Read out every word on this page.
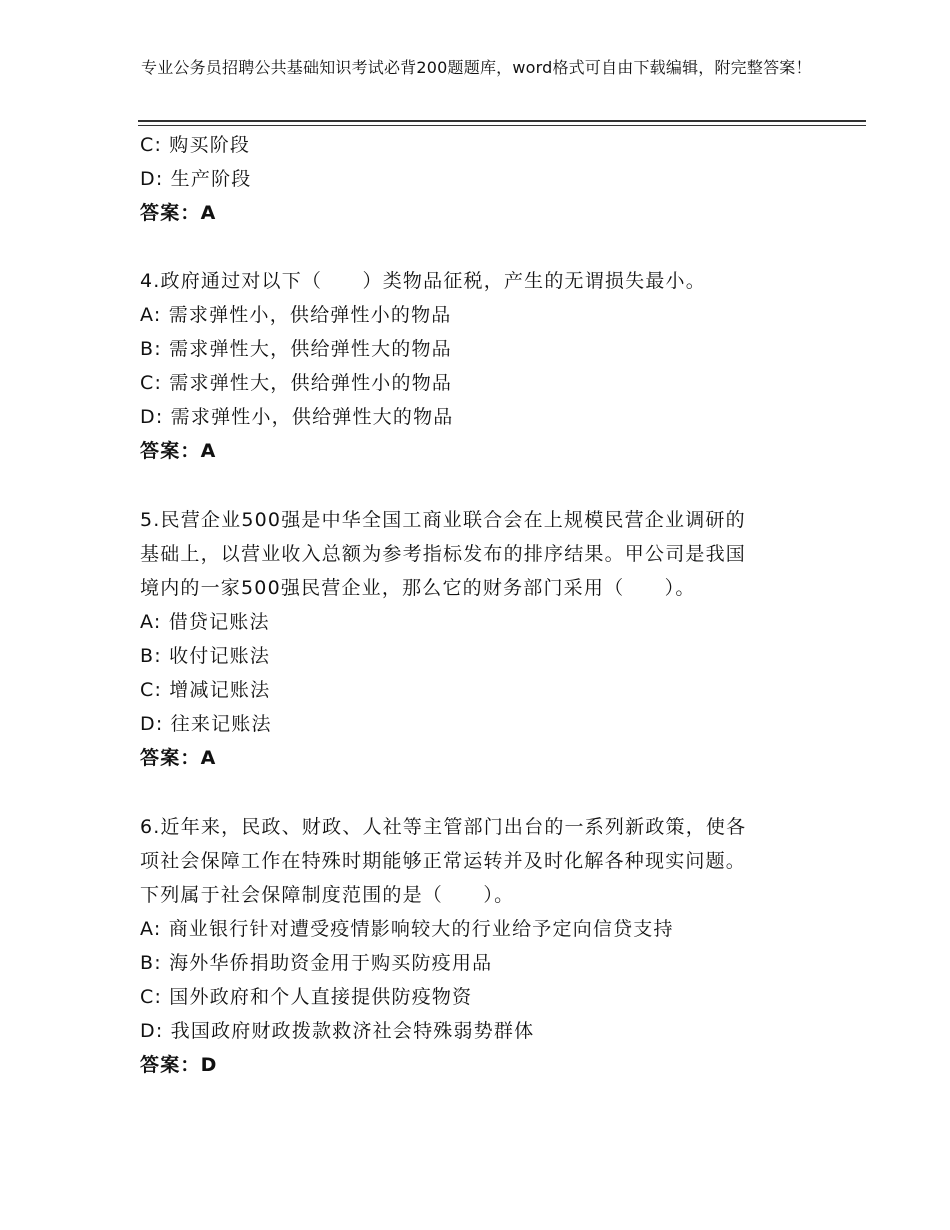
专业公务员招聘公共基础知识考试必背200题题库，word格式可自由下载编辑，附完整答案！
C: 购买阶段
D: 生产阶段
答案：A
4.政府通过对以下（　　）类物品征税，产生的无谓损失最小。
A: 需求弹性小，供给弹性小的物品
B: 需求弹性大，供给弹性大的物品
C: 需求弹性大，供给弹性小的物品
D: 需求弹性小，供给弹性大的物品
答案：A
5.民营企业500强是中华全国工商业联合会在上规模民营企业调研的
基础上，以营业收入总额为参考指标发布的排序结果。甲公司是我国
境内的一家500强民营企业，那么它的财务部门采用（　　）。
A: 借贷记账法
B: 收付记账法
C: 增减记账法
D: 往来记账法
答案：A
6.近年来，民政、财政、人社等主管部门出台的一系列新政策，使各
项社会保障工作在特殊时期能够正常运转并及时化解各种现实问题。
下列属于社会保障制度范围的是（　　）。
A: 商业银行针对遭受疫情影响较大的行业给予定向信贷支持
B: 海外华侨捐助资金用于购买防疫用品
C: 国外政府和个人直接提供防疫物资
D: 我国政府财政拨款救济社会特殊弱势群体
答案：D
